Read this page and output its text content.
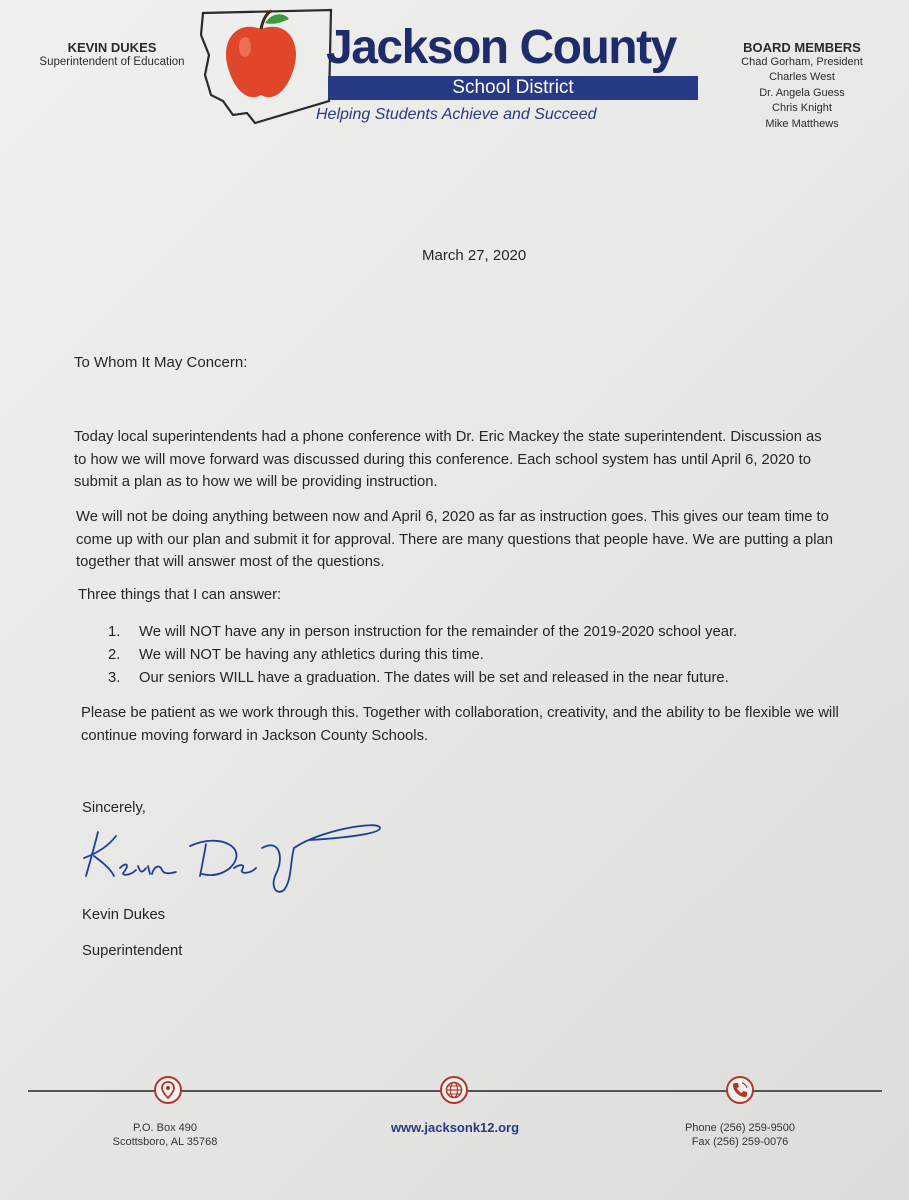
KEVIN DUKES
Superintendent of Education	Jackson County
School District
Helping Students Achieve and Succeed
BOARD MEMBERS
Chad Gorham, President
Charles West
Dr. Angela Guess
Chris Knight
Mike Matthews
March 27, 2020
To Whom It May Concern:
Today local superintendents had a phone conference with Dr. Eric Mackey the state superintendent. Discussion as to how we will move forward was discussed during this conference. Each school system has until April 6, 2020 to submit a plan as to how we will be providing instruction.
We will not be doing anything between now and April 6, 2020 as far as instruction goes. This gives our team time to come up with our plan and submit it for approval. There are many questions that people have. We are putting a plan together that will answer most of the questions.
Three things that I can answer:
1. We will NOT have any in person instruction for the remainder of the 2019-2020 school year.
2. We will NOT be having any athletics during this time.
3. Our seniors WILL have a graduation. The dates will be set and released in the near future.
Please be patient as we work through this. Together with collaboration, creativity, and the ability to be flexible we will continue moving forward in Jackson County Schools.
Sincerely,
Kevin Dukes
Superintendent
P.O. Box 490
Scottsboro, AL 35768
www.jacksonk12.org	Phone (256) 259-9500
Fax (256) 259-0076
